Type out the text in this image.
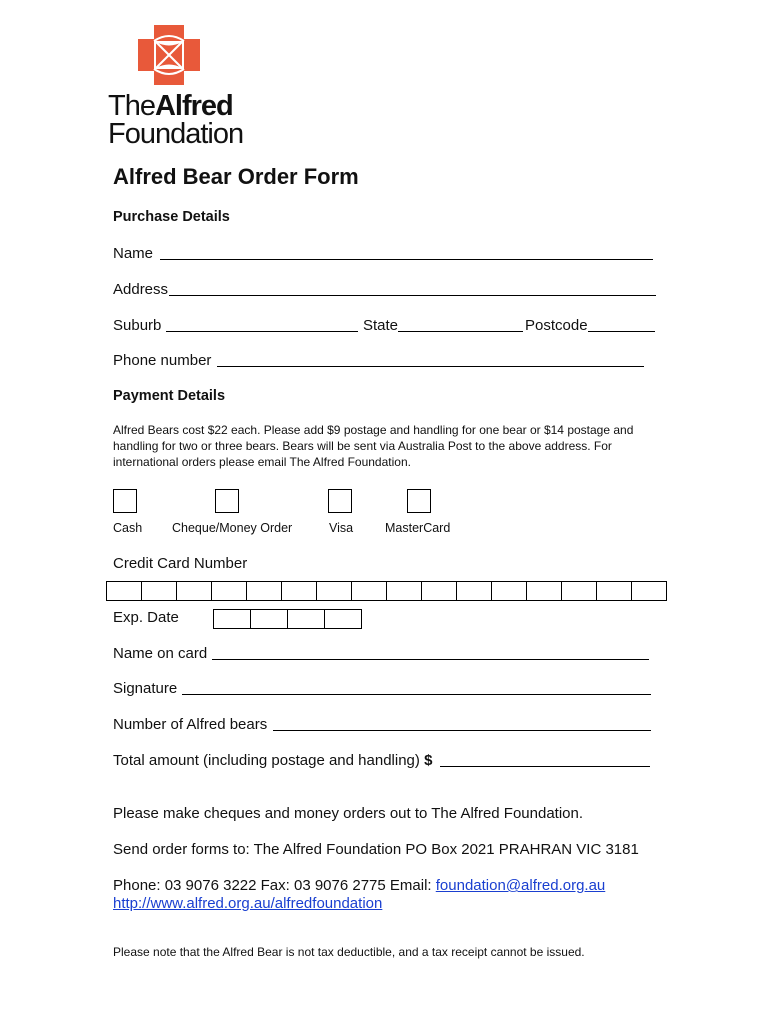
TheAlfred
Foundation
Alfred Bear Order Form
Purchase Details
Name
Address
Suburb	State	Postcode
Phone number
Payment Details
Alfred Bears cost $22 each. Please add $9 postage and handling for one bear or $14 postage and handling for two or three bears. Bears will be sent via Australia Post to the above address. For international orders please email The Alfred Foundation.
Cash Cheque/Money Order	Visa	MasterCard
Credit Card Number
Exp. Date
Name on card
Signature
Number of Alfred bears
Total amount (including postage and handling) $
Please make cheques and money orders out to The Alfred Foundation.
Send order forms to: The Alfred Foundation PO Box 2021 PRAHRAN VIC 3181
Phone: 03 9076 3222 Fax: 03 9076 2775 Email: foundation@alfred.org.au
http://www.alfred.org.au/alfredfoundation
Please note that the Alfred Bear is not tax deductible, and a tax receipt cannot be issued.
